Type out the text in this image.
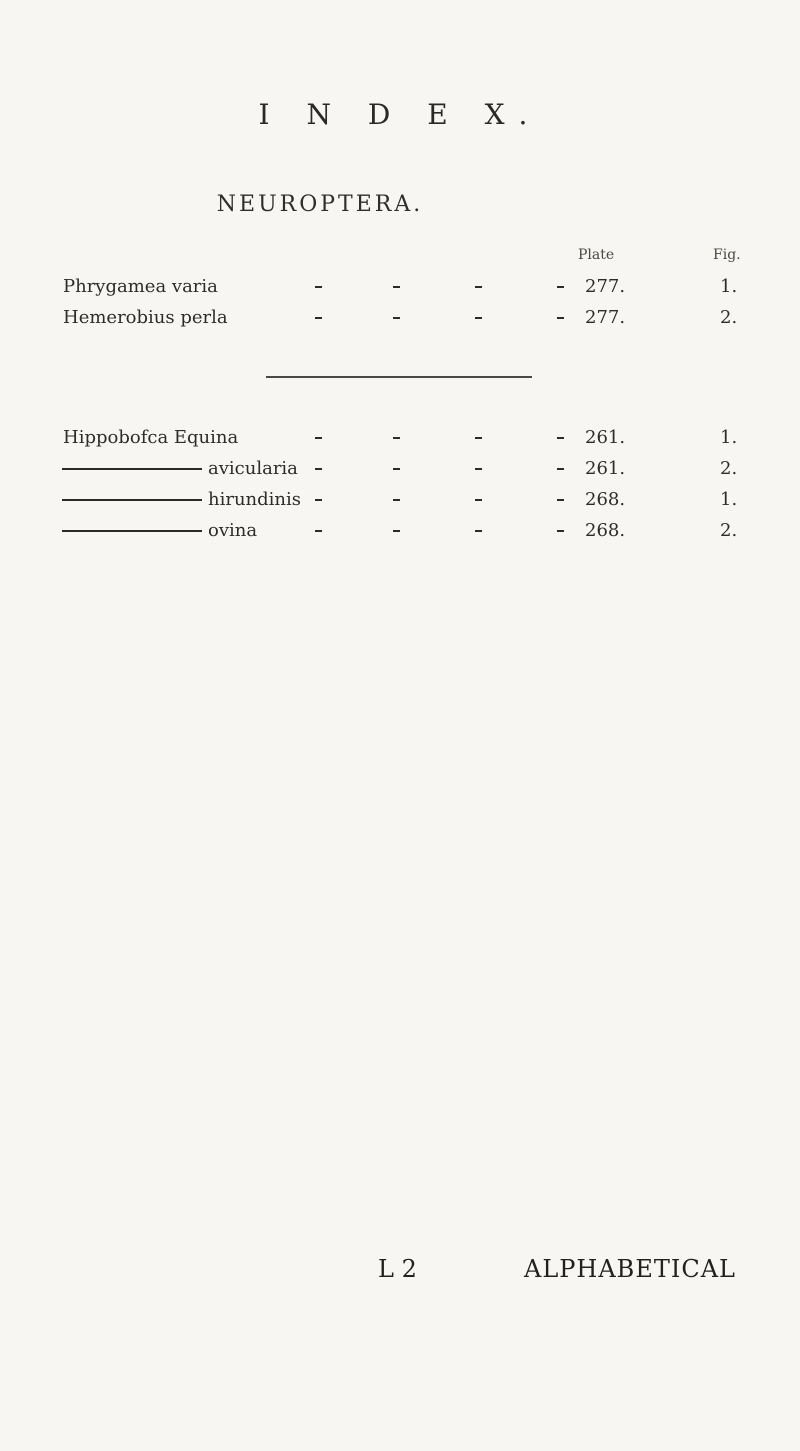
I N D E X.
NEUROPTERA.
Plate	Fig.
Phrygamea varia	277.	1.
Hemerobius perla	277.	2.
Hippobofca Equina	261.	1.
avicularia	261.	2.
hirundinis	268.	1.
ovina	268.	2.
L 2	ALPHABETICAL
